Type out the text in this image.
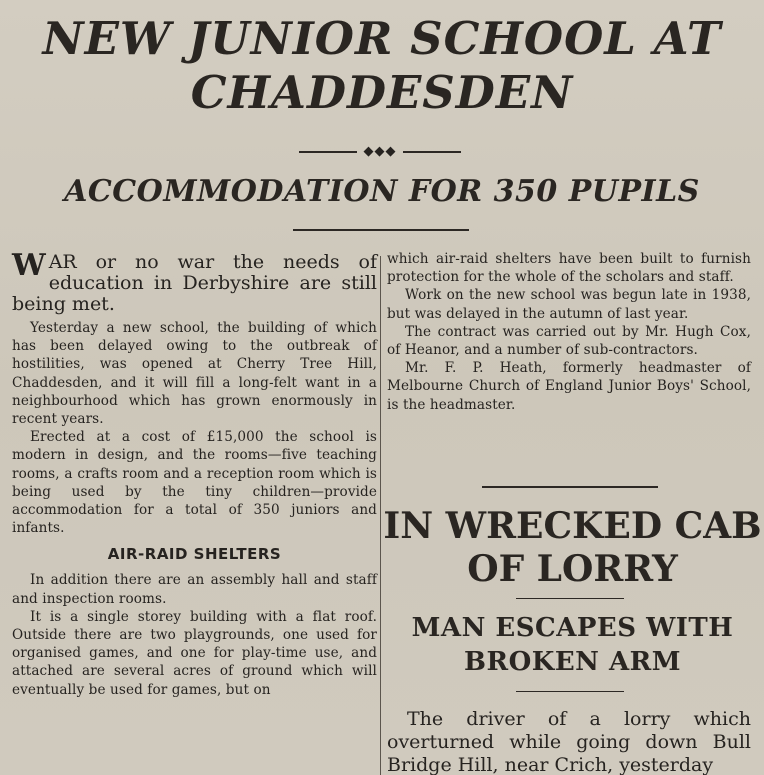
NEW JUNIOR SCHOOL AT
CHADDESDEN
◆◆◆
ACCOMMODATION FOR 350 PUPILS

WAR or no war the needs of education in Derbyshire are still being met.

Yesterday a new school, the building of which has been delayed owing to the outbreak of hostilities, was opened at Cherry Tree Hill, Chaddesden, and it will fill a long-felt want in a neighbourhood which has grown enormously in recent years.

Erected at a cost of £15,000 the school is modern in design, and the rooms—five teaching rooms, a crafts room and a reception room which is being used by the tiny children—provide accommodation for a total of 350 juniors and infants.

AIR-RAID SHELTERS

In addition there are an assembly hall and staff and inspection rooms.

It is a single storey building with a flat roof. Outside there are two playgrounds, one used for organised games, and one for play-time use, and attached are several acres of ground which will eventually be used for games, but on

which air-raid shelters have been built to furnish protection for the whole of the scholars and staff.

Work on the new school was begun late in 1938, but was delayed in the autumn of last year.

The contract was carried out by Mr. Hugh Cox, of Heanor, and a number of sub-contractors.

Mr. F. P. Heath, formerly headmaster of Melbourne Church of England Junior Boys' School, is the headmaster.

IN WRECKED CAB
OF LORRY
MAN ESCAPES WITH
BROKEN ARM

The driver of a lorry which overturned while going down Bull Bridge Hill, near Crich, yesterday
